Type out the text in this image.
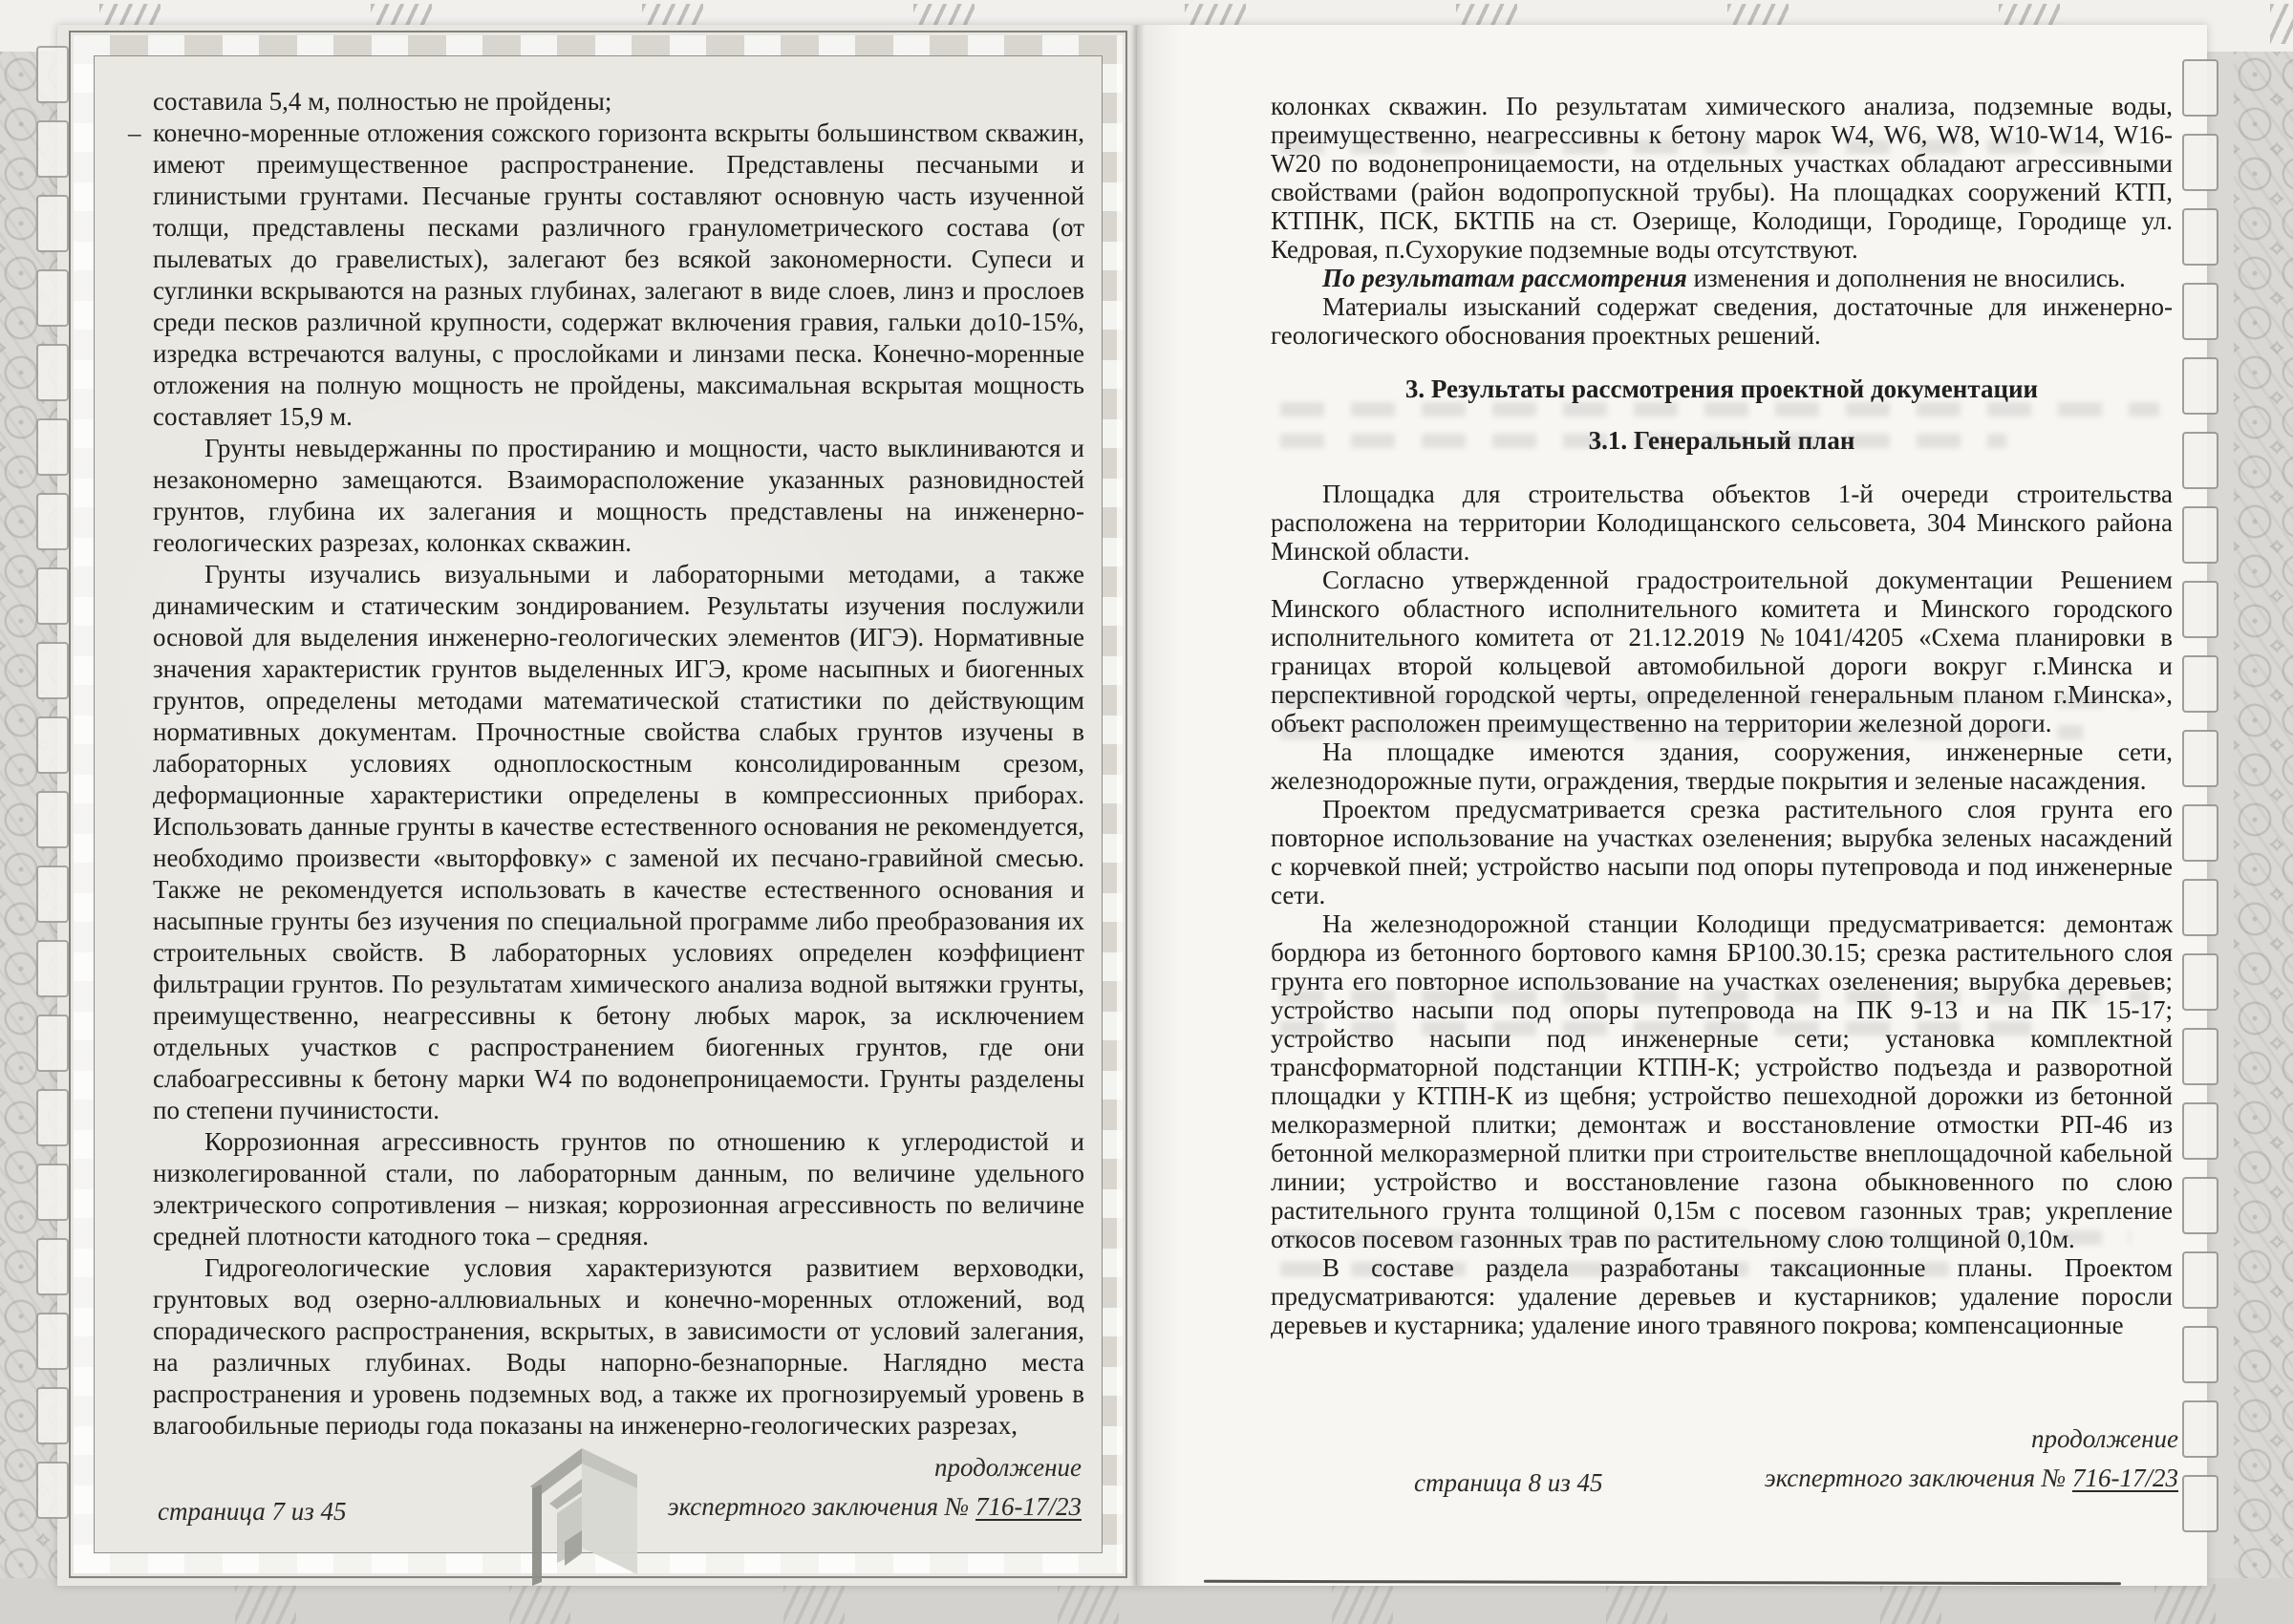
составила 5,4 м, полностью не пройдены;

– конечно-моренные отложения сожского горизонта вскрыты большинством скважин, имеют преимущественное распространение. Представлены песчаными и глинистыми грунтами. Песчаные грунты составляют основную часть изученной толщи, представлены песками различного гранулометрического состава (от пылеватых до гравелистых), залегают без всякой закономерности. Супеси и суглинки вскрываются на разных глубинах, залегают в виде слоев, линз и прослоев среди песков различной крупности, содержат включения гравия, гальки до10-15%, изредка встречаются валуны, с прослойками и линзами песка. Конечно-моренные отложения на полную мощность не пройдены, максимальная вскрытая мощность составляет 15,9 м.

Грунты невыдержанны по простиранию и мощности, часто выклиниваются и незакономерно замещаются. Взаиморасположение указанных разновидностей грунтов, глубина их залегания и мощность представлены на инженерно-геологических разрезах, колонках скважин.

Грунты изучались визуальными и лабораторными методами, а также динамическим и статическим зондированием. Результаты изучения послужили основой для выделения инженерно-геологических элементов (ИГЭ). Нормативные значения характеристик грунтов выделенных ИГЭ, кроме насыпных и биогенных грунтов, определены методами математической статистики по действующим нормативных документам. Прочностные свойства слабых грунтов изучены в лабораторных условиях одноплоскостным консолидированным срезом, деформационные характеристики определены в компрессионных приборах. Использовать данные грунты в качестве естественного основания не рекомендуется, необходимо произвести «выторфовку» с заменой их песчано-гравийной смесью. Также не рекомендуется использовать в качестве естественного основания и насыпные грунты без изучения по специальной программе либо преобразования их строительных свойств. В лабораторных условиях определен коэффициент фильтрации грунтов. По результатам химического анализа водной вытяжки грунты, преимущественно, неагрессивны к бетону любых марок, за исключением отдельных участков с распространением биогенных грунтов, где они слабоагрессивны к бетону марки W4 по водонепроницаемости. Грунты разделены по степени пучинистости.

Коррозионная агрессивность грунтов по отношению к углеродистой и низколегированной стали, по лабораторным данным, по величине удельного электрического сопротивления – низкая; коррозионная агрессивность по величине средней плотности катодного тока – средняя.

Гидрогеологические условия характеризуются развитием верховодки, грунтовых вод озерно-аллювиальных и конечно-моренных отложений, вод спорадического распространения, вскрытых, в зависимости от условий залегания, на различных глубинах. Воды напорно-безнапорные. Наглядно места распространения и уровень подземных вод, а также их прогнозируемый уровень в влагообильные периоды года показаны на инженерно-геологических разрезах,

страница 7 из 45
продолжение
экспертного заключения № 716-17/23

колонках скважин. По результатам химического анализа, подземные воды, преимущественно, неагрессивны к бетону марок W4, W6, W8, W10-W14, W16-W20 по водонепроницаемости, на отдельных участках обладают агрессивными свойствами (район водопропускной трубы). На площадках сооружений КТП, КТПНК, ПСК, БКТПБ на ст. Озерище, Колодищи, Городище, Городище ул. Кедровая, п.Сухорукие подземные воды отсутствуют.

По результатам рассмотрения изменения и дополнения не вносились.

Материалы изысканий содержат сведения, достаточные для инженерно-геологического обоснования проектных решений.

3. Результаты рассмотрения проектной документации

3.1. Генеральный план

Площадка для строительства объектов 1-й очереди строительства расположена на территории Колодищанского сельсовета, 304 Минского района Минской области.

Согласно утвержденной градостроительной документации Решением Минского областного исполнительного комитета и Минского городского исполнительного комитета от 21.12.2019 №1041/4205 «Схема планировки в границах второй кольцевой автомобильной дороги вокруг г.Минска и перспективной городской черты, определенной генеральным планом г.Минска», объект расположен преимущественно на территории железной дороги.

На площадке имеются здания, сооружения, инженерные сети, железнодорожные пути, ограждения, твердые покрытия и зеленые насаждения.

Проектом предусматривается срезка растительного слоя грунта его повторное использование на участках озеленения; вырубка зеленых насаждений с корчевкой пней; устройство насыпи под опоры путепровода и под инженерные сети.

На железнодорожной станции Колодищи предусматривается: демонтаж бордюра из бетонного бортового камня БР100.30.15; срезка растительного слоя грунта его повторное использование на участках озеленения; вырубка деревьев; устройство насыпи под опоры путепровода на ПК 9-13 и на ПК 15-17; устройство насыпи под инженерные сети; установка комплектной трансформаторной подстанции КТПН-К; устройство подъезда и разворотной площадки у КТПН-К из щебня; устройство пешеходной дорожки из бетонной мелкоразмерной плитки; демонтаж и восстановление отмостки РП-46 из бетонной мелкоразмерной плитки при строительстве внеплощадочной кабельной линии; устройство и восстановление газона обыкновенного по слою растительного грунта толщиной 0,15м с посевом газонных трав; укрепление откосов посевом газонных трав по растительному слою толщиной 0,10м.

В составе раздела разработаны таксационные планы. Проектом предусматриваются: удаление деревьев и кустарников; удаление поросли деревьев и кустарника; удаление иного травяного покрова; компенсационные

страница 8 из 45
продолжение
экспертного заключения № 716-17/23
